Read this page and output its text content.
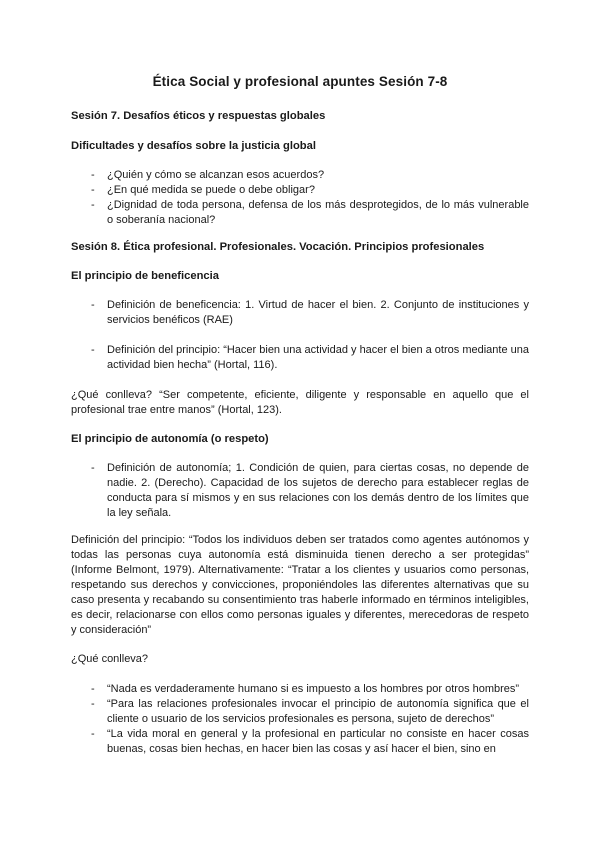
Ética Social y profesional apuntes Sesión 7-8
Sesión 7. Desafíos éticos y respuestas globales
Dificultades y desafíos sobre la justicia global
- ¿Quién y cómo se alcanzan esos acuerdos?
- ¿En qué medida se puede o debe obligar?
- ¿Dignidad de toda persona, defensa de los más desprotegidos, de lo más vulnerable o soberanía nacional?
Sesión 8. Ética profesional. Profesionales. Vocación. Principios profesionales
El principio de beneficencia
- Definición de beneficencia: 1. Virtud de hacer el bien. 2. Conjunto de instituciones y servicios benéficos (RAE)
- Definición del principio: “Hacer bien una actividad y hacer el bien a otros mediante una actividad bien hecha” (Hortal, 116).
¿Qué conlleva? “Ser competente, eficiente, diligente y responsable en aquello que el profesional trae entre manos” (Hortal, 123).
El principio de autonomía (o respeto)
- Definición de autonomía; 1. Condición de quien, para ciertas cosas, no depende de nadie. 2. (Derecho). Capacidad de los sujetos de derecho para establecer reglas de conducta para sí mismos y en sus relaciones con los demás dentro de los límites que la ley señala.
Definición del principio: “Todos los individuos deben ser tratados como agentes autónomos y todas las personas cuya autonomía está disminuida tienen derecho a ser protegidas” (Informe Belmont, 1979). Alternativamente: “Tratar a los clientes y usuarios como personas, respetando sus derechos y convicciones, proponiéndoles las diferentes alternativas que su caso presenta y recabando su consentimiento tras haberle informado en términos inteligibles, es decir, relacionarse con ellos como personas iguales y diferentes, merecedoras de respeto y consideración”
¿Qué conlleva?
- “Nada es verdaderamente humano si es impuesto a los hombres por otros hombres”
- “Para las relaciones profesionales invocar el principio de autonomía significa que el cliente o usuario de los servicios profesionales es persona, sujeto de derechos”
- “La vida moral en general y la profesional en particular no consiste en hacer cosas buenas, cosas bien hechas, en hacer bien las cosas y así hacer el bien, sino en
